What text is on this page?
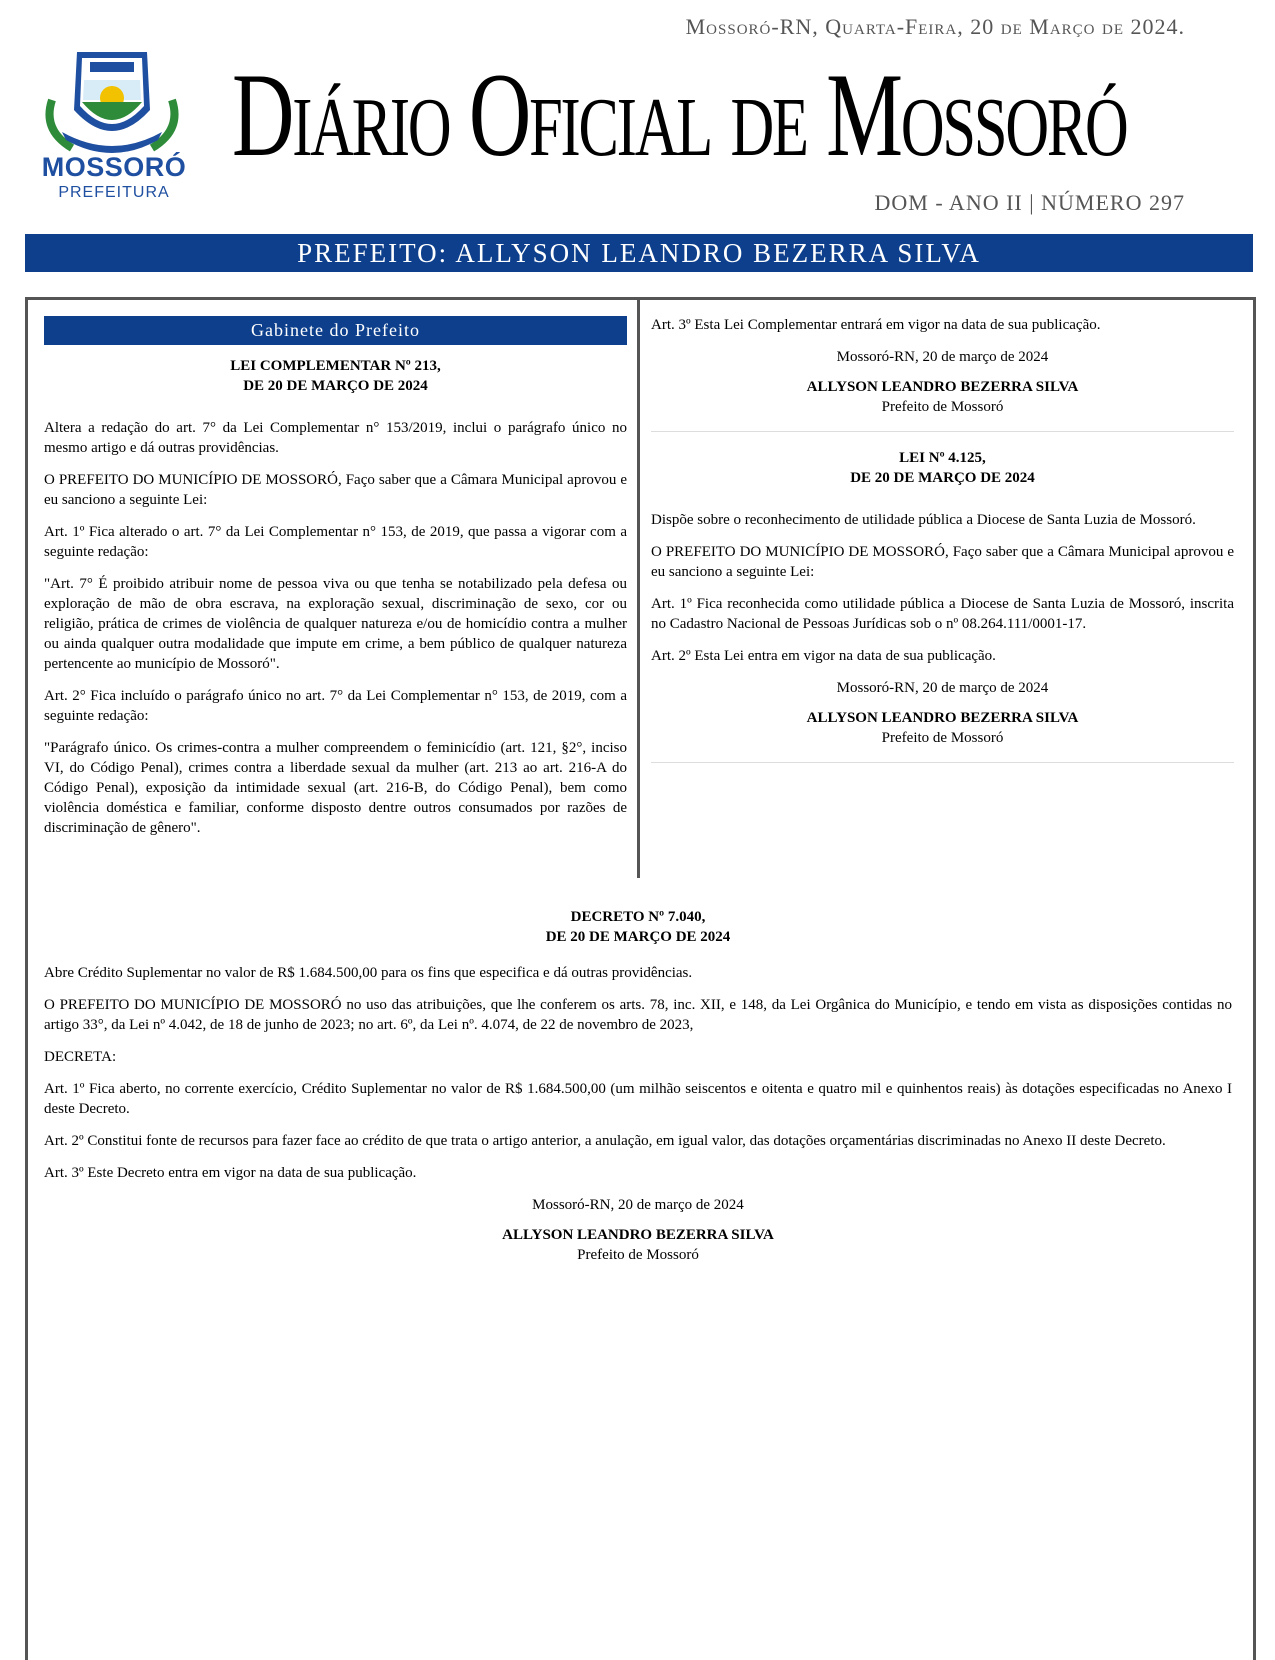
Mossoró-RN, Quarta-Feira, 20 de Março de 2024.
MOSSORÓ
PREFEITURA
Diário Oficial de Mossoró
DOM - ANO II | NÚMERO 297
PREFEITO: ALLYSON LEANDRO BEZERRA SILVA
Gabinete do Prefeito
LEI COMPLEMENTAR Nº 213,
DE 20 DE MARÇO DE 2024

Altera a redação do art. 7° da Lei Complementar n° 153/2019, inclui o parágrafo único no mesmo artigo e dá outras providências.

O PREFEITO DO MUNICÍPIO DE MOSSORÓ, Faço saber que a Câmara Municipal aprovou e eu sanciono a seguinte Lei:

Art. 1º Fica alterado o art. 7° da Lei Complementar n° 153, de 2019, que passa a vigorar com a seguinte redação:

"Art. 7° É proibido atribuir nome de pessoa viva ou que tenha se notabilizado pela defesa ou exploração de mão de obra escrava, na exploração sexual, discriminação de sexo, cor ou religião, prática de crimes de violência de qualquer natureza e/ou de homicídio contra a mulher ou ainda qualquer outra modalidade que impute em crime, a bem público de qualquer natureza pertencente ao município de Mossoró".

Art. 2° Fica incluído o parágrafo único no art. 7° da Lei Complementar n° 153, de 2019, com a seguinte redação:

"Parágrafo único. Os crimes-contra a mulher compreendem o feminicídio (art. 121, §2°, inciso VI, do Código Penal), crimes contra a liberdade sexual da mulher (art. 213 ao art. 216-A do Código Penal), exposição da intimidade sexual (art. 216-B, do Código Penal), bem como violência doméstica e familiar, conforme disposto dentre outros consumados por razões de discriminação de gênero".

Art. 3º Esta Lei Complementar entrará em vigor na data de sua publicação.

Mossoró-RN, 20 de março de 2024

ALLYSON LEANDRO BEZERRA SILVA

Prefeito de Mossoró

LEI Nº 4.125,
DE 20 DE MARÇO DE 2024

Dispõe sobre o reconhecimento de utilidade pública a Diocese de Santa Luzia de Mossoró.

O PREFEITO DO MUNICÍPIO DE MOSSORÓ, Faço saber que a Câmara Municipal aprovou e eu sanciono a seguinte Lei:

Art. 1º Fica reconhecida como utilidade pública a Diocese de Santa Luzia de Mossoró, inscrita no Cadastro Nacional de Pessoas Jurídicas sob o nº 08.264.111/0001-17.

Art. 2º Esta Lei entra em vigor na data de sua publicação.

Mossoró-RN, 20 de março de 2024

ALLYSON LEANDRO BEZERRA SILVA

Prefeito de Mossoró

DECRETO Nº 7.040,
DE 20 DE MARÇO DE 2024

Abre Crédito Suplementar no valor de R$ 1.684.500,00 para os fins que especifica e dá outras providências.

O PREFEITO DO MUNICÍPIO DE MOSSORÓ no uso das atribuições, que lhe conferem os arts. 78, inc. XII, e 148, da Lei Orgânica do Município, e tendo em vista as disposições contidas no artigo 33°, da Lei nº 4.042, de 18 de junho de 2023; no art. 6º, da Lei nº. 4.074, de 22 de novembro de 2023,

DECRETA:

Art. 1º Fica aberto, no corrente exercício, Crédito Suplementar no valor de R$ 1.684.500,00 (um milhão seiscentos e oitenta e quatro mil e quinhentos reais) às dotações especificadas no Anexo I deste Decreto.

Art. 2º Constitui fonte de recursos para fazer face ao crédito de que trata o artigo anterior, a anulação, em igual valor, das dotações orçamentárias discriminadas no Anexo II deste Decreto.

Art. 3º Este Decreto entra em vigor na data de sua publicação.

Mossoró-RN, 20 de março de 2024

ALLYSON LEANDRO BEZERRA SILVA

Prefeito de Mossoró
